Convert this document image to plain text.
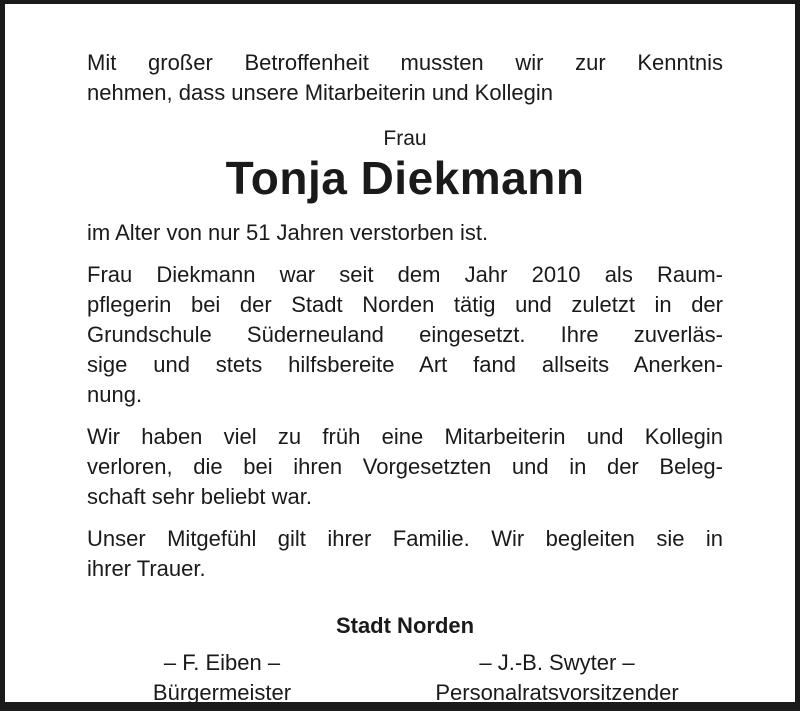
Mit großer Betroffenheit mussten wir zur Kenntnis
nehmen, dass unsere Mitarbeiterin und Kollegin

Frau
Tonja Diekmann

im Alter von nur 51 Jahren verstorben ist.

Frau Diekmann war seit dem Jahr 2010 als Raum-
pflegerin bei der Stadt Norden tätig und zuletzt in der
Grundschule Süderneuland eingesetzt. Ihre zuverläs-
sige und stets hilfsbereite Art fand allseits Anerken-
nung.

Wir haben viel zu früh eine Mitarbeiterin und Kollegin
verloren, die bei ihren Vorgesetzten und in der Beleg-
schaft sehr beliebt war.

Unser Mitgefühl gilt ihrer Familie. Wir begleiten sie in
ihrer Trauer.

Stadt Norden
– F. Eiben –
Bürgermeister
– J.-B. Swyter –
Personalratsvorsitzender
